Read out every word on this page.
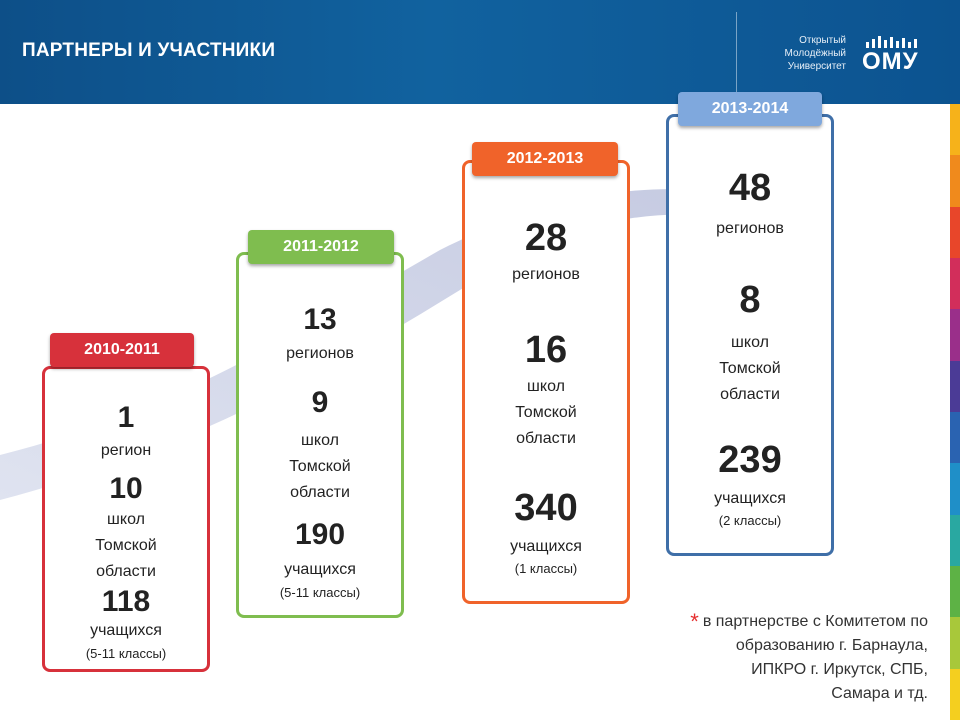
ПАРТНЕРЫ И УЧАСТНИКИ	Открытый
Молодёжный
Университет ОМУ
1
регион
10
школ
Томской
области
118
учащихся
(5-11 классы)
2010-2011
13
регионов
9
школ
Томской
области
190
учащихся
(5-11 классы)
2011-2012	28
регионов
16
школ
Томской
области
340
учащихся
(1 классы)
2012-2013
48
регионов
8
школ
Томской
области
239
учащихся
(2 классы)
2013-2014
* в партнерстве с Комитетом по
образованию г. Барнаула,
ИПКРО г. Иркутск, СПБ,
Самара и тд.
